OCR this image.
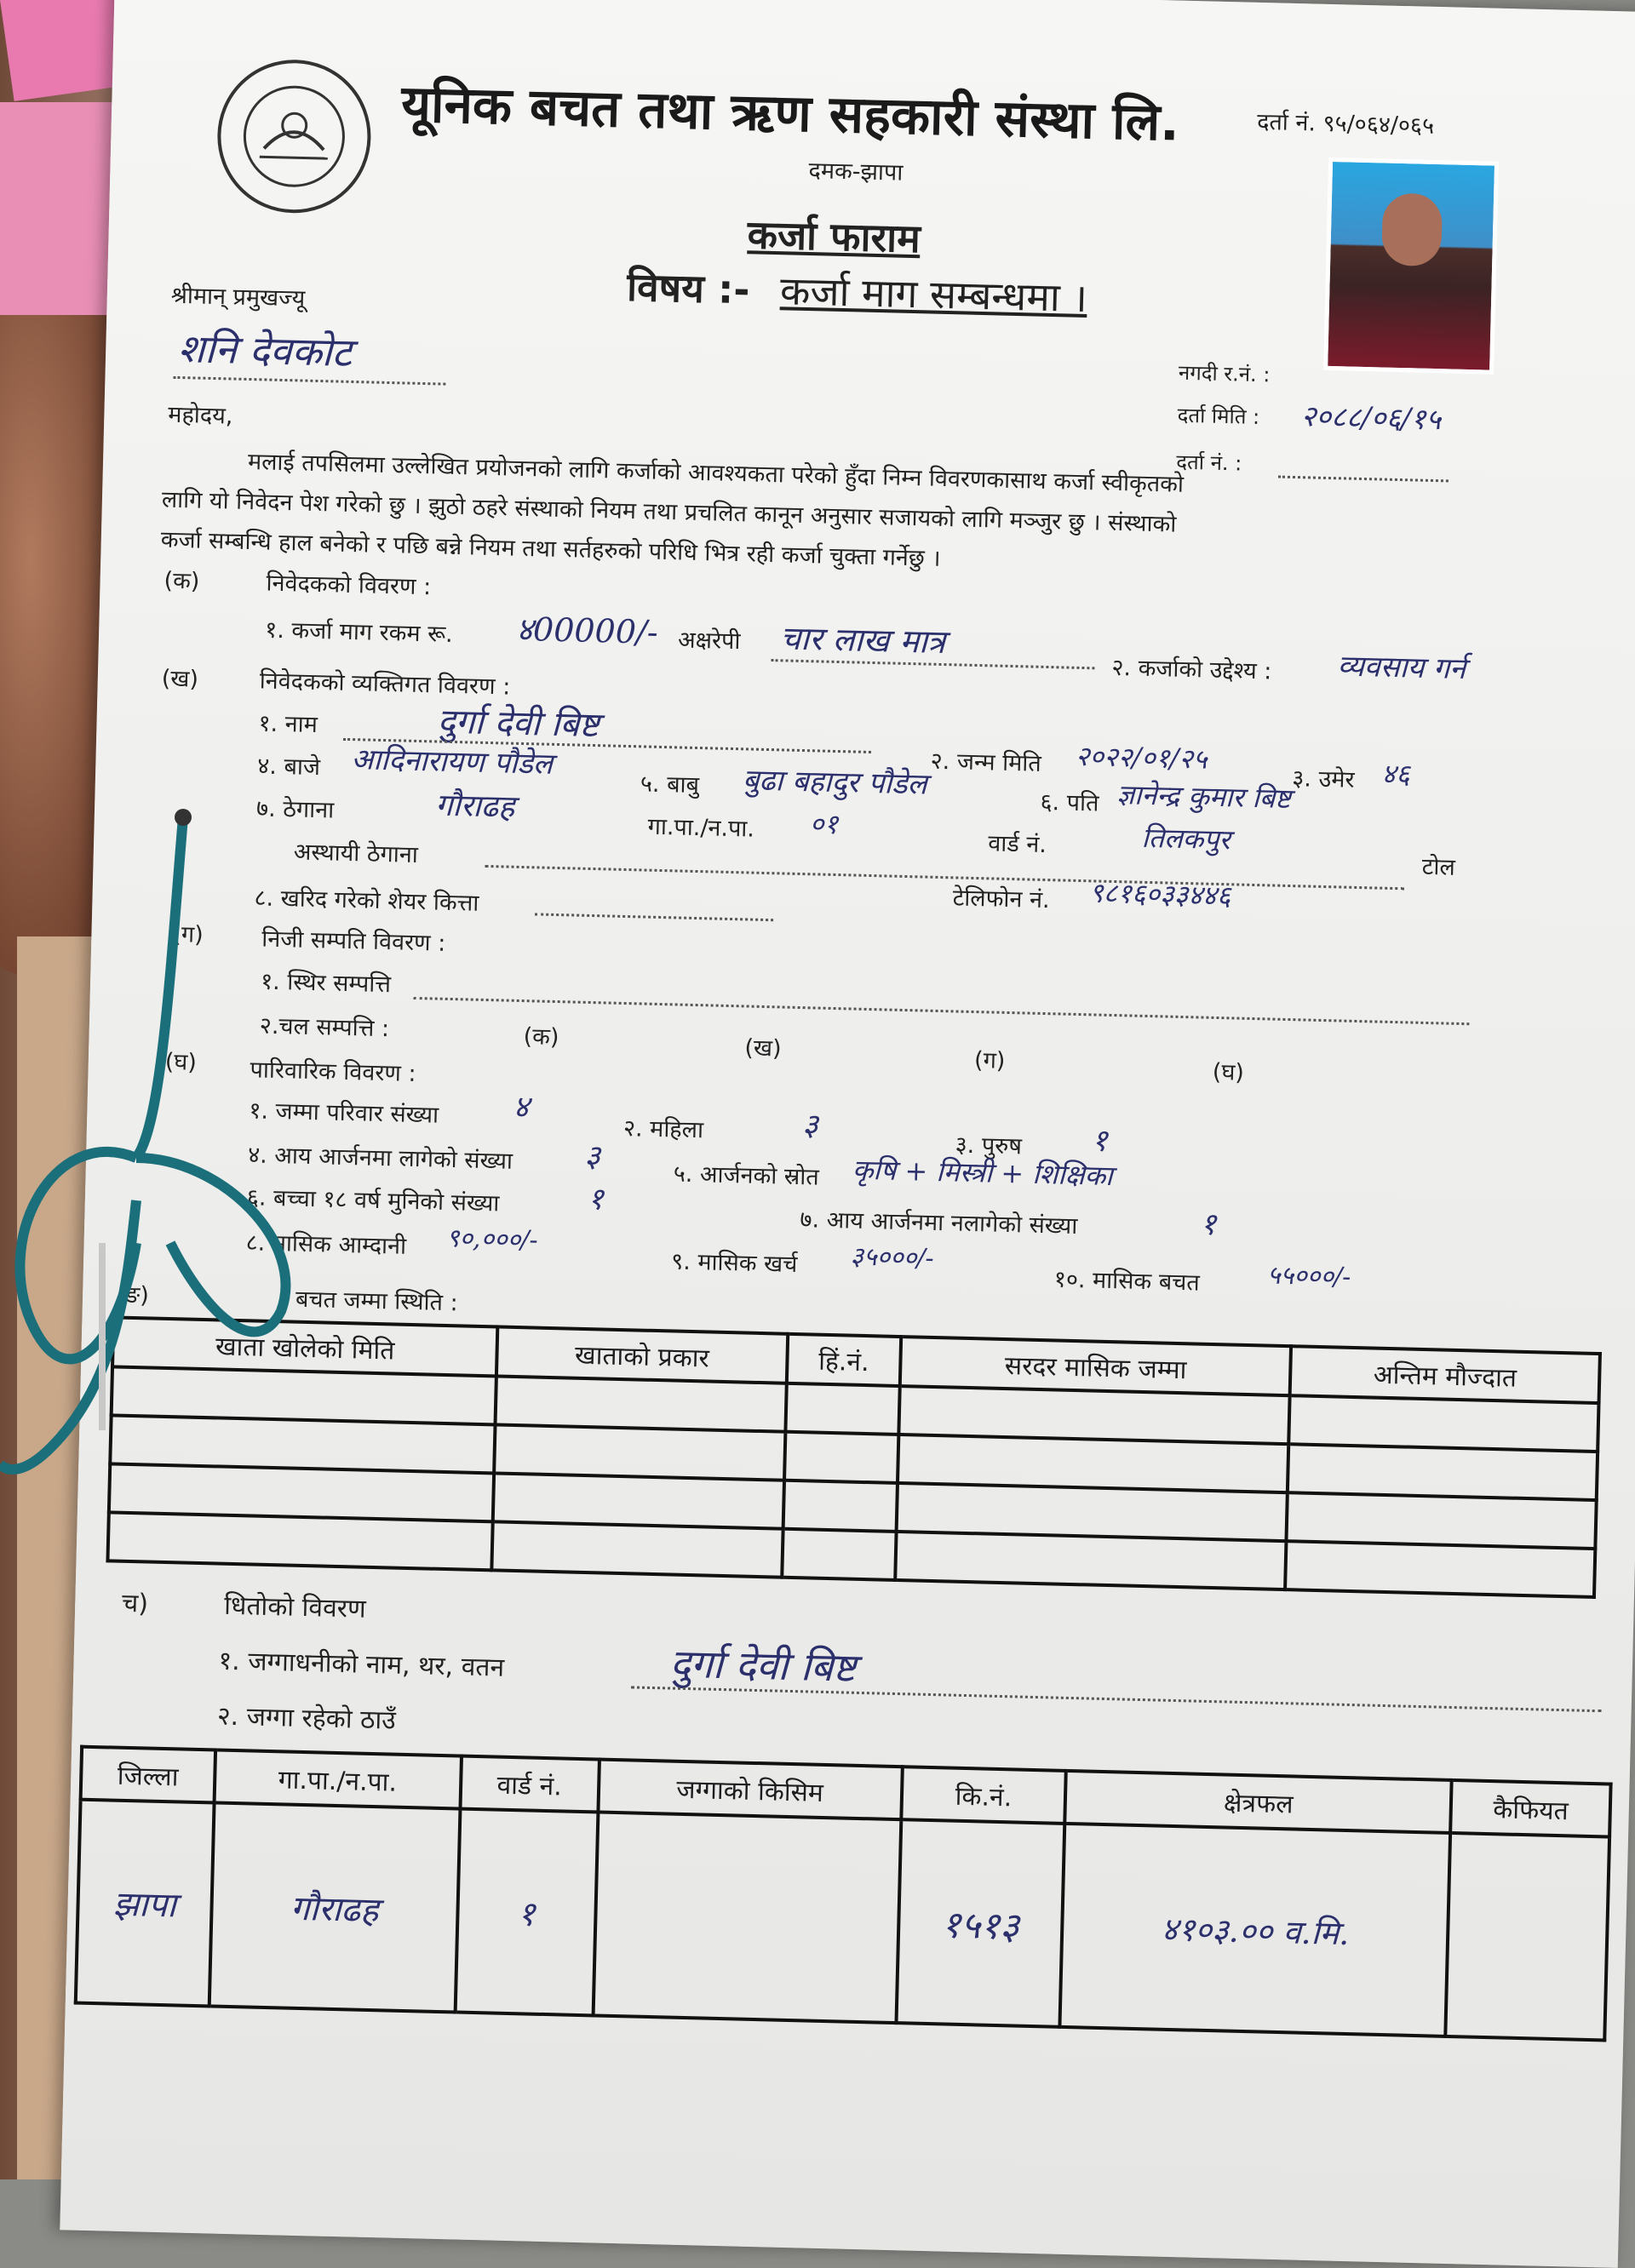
यूनिक बचत तथा ऋण सहकारी संस्था लि.
दमक-झापा
दर्ता नं. ९५/०६४/०६५
कर्जा फाराम
विषय :- कर्जा माग सम्बन्धमा ।
श्रीमान् प्रमुखज्यू
शनि देवकोट	नगदी र.नं. :
दर्ता मिति : २०८८/०६/१५
दर्ता नं. :
महोदय,
मलाई तपसिलमा उल्लेखित प्रयोजनको लागि कर्जाको आवश्यकता परेको हुँदा निम्न विवरणकासाथ कर्जा स्वीकृतको
लागि यो निवेदन पेश गरेको छु । झुठो ठहरे संस्थाको नियम तथा प्रचलित कानून अनुसार सजायको लागि मञ्जुर छु । संस्थाको
कर्जा सम्बन्धि हाल बनेको र पछि बन्ने नियम तथा सर्तहरुको परिधि भित्र रही कर्जा चुक्ता गर्नेछु ।
(क)	निवेदकको विवरण :
१. कर्जा माग रकम रू. ४00000/- अक्षरेपी चार लाख मात्र
२. कर्जाको उद्देश्य : व्यवसाय गर्न
(ख)	निवेदकको व्यक्तिगत विवरण :
१. नाम	दुर्गा देवी बिष्ट
२. जन्म मिति २०२२/०१/२५
३. उमेर ४६
४. बाजे आदिनारायण पौडेल
५. बाबु बुढा बहादुर पौडेल
६. पति ज्ञानेन्द्र कुमार बिष्ट
७. ठेगाना	गौराढह
गा.पा./न.पा. ०१
वार्ड नं.	तिलकपुर
टोल
अस्थायी ठेगाना
टेलिफोन नं. ९८१६०३३४४६
८. खरिद गरेको शेयर कित्ता
(ग)	निजी सम्पति विवरण :
१. स्थिर सम्पत्ति
२.चल सम्पत्ति :	(क)	(ख)	(ग)	(घ)
(घ) पारिवारिक विवरण :
१. जम्मा परिवार संख्या ४
२. महिला	३
३. पुरुष १
४. आय आर्जनमा लागेको संख्या ३
५. आर्जनको स्रोत कृषि + मिस्त्री + शिक्षिका
६. बच्चा १८ वर्ष मुनिको संख्या	१
७. आय आर्जनमा नलागेको संख्या	१
८. मासिक आम्दानी ९०,०००/-
९. मासिक खर्च ३५०००/-
१०. मासिक बचत	५५०००/-
ङ)	बचत जम्मा स्थिति :
खाता खोलेको मिति	खाताको प्रकार	हिं.नं.	सरदर मासिक जम्मा	अन्तिम मौज्दात

च)	धितोको विवरण
१. जग्गाधनीको नाम, थर, वतन	दुर्गा देवी बिष्ट
२. जग्गा रहेको ठाउँ
जिल्ला	गा.पा./न.पा.	वार्ड नं.	जग्गाको किसिम	कि.नं.	क्षेत्रफल	कैफियत
झापा	गौराढह	१		१५१३	४१०३.०० व.मि.	
